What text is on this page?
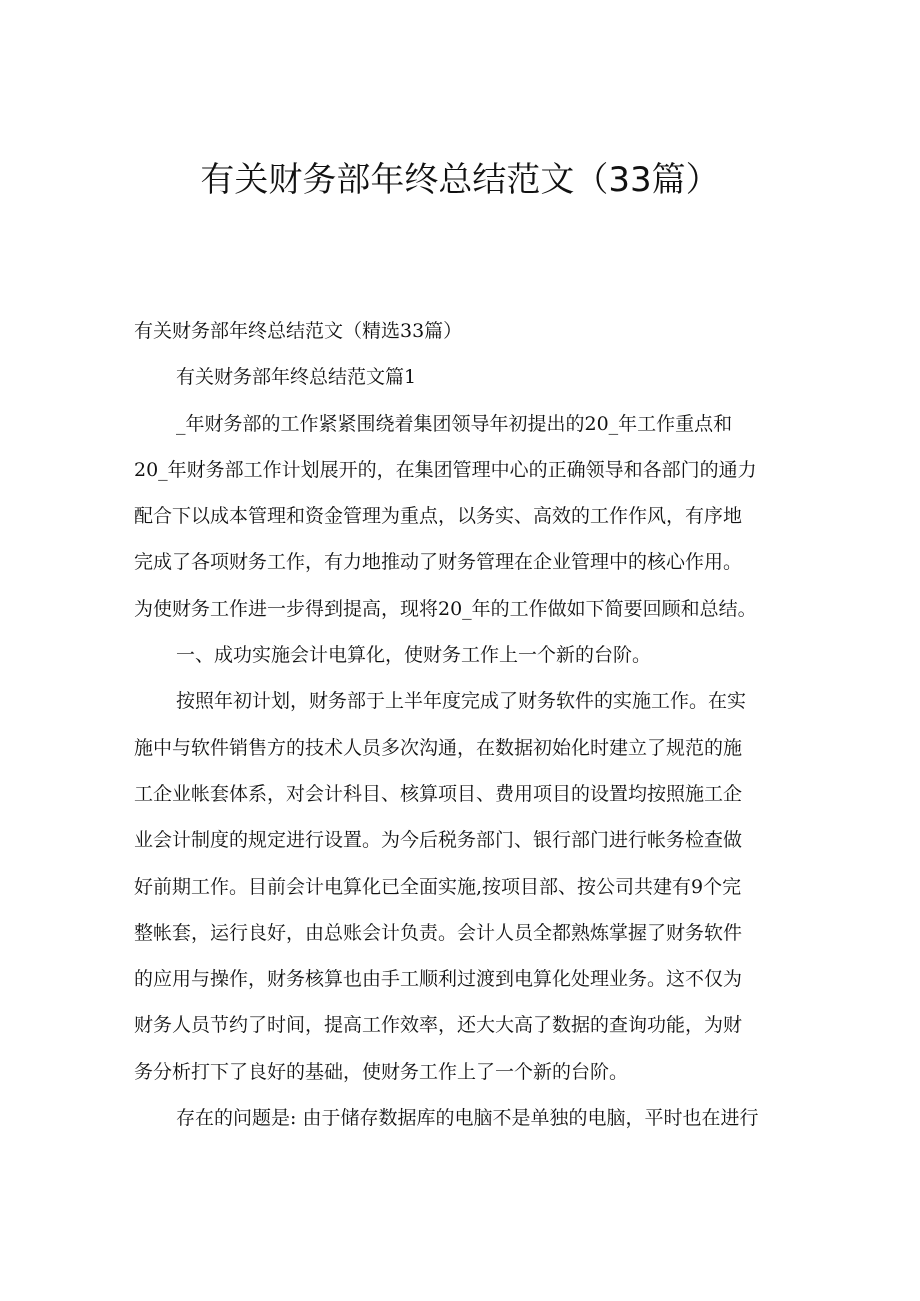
有关财务部年终总结范文（33篇）

有关财务部年终总结范文（精选33篇）

有关财务部年终总结范文篇1

_年财务部的工作紧紧围绕着集团领导年初提出的20_年工作重点和

20_年财务部工作计划展开的，在集团管理中心的正确领导和各部门的通力

配合下以成本管理和资金管理为重点，以务实、高效的工作作风，有序地

完成了各项财务工作，有力地推动了财务管理在企业管理中的核心作用。

为使财务工作进一步得到提高，现将20_年的工作做如下简要回顾和总结。

一、成功实施会计电算化，使财务工作上一个新的台阶。

按照年初计划，财务部于上半年度完成了财务软件的实施工作。在实

施中与软件销售方的技术人员多次沟通，在数据初始化时建立了规范的施

工企业帐套体系，对会计科目、核算项目、费用项目的设置均按照施工企

业会计制度的规定进行设置。为今后税务部门、银行部门进行帐务检查做

好前期工作。目前会计电算化已全面实施,按项目部、按公司共建有9个完

整帐套，运行良好，由总账会计负责。会计人员全都熟炼掌握了财务软件

的应用与操作，财务核算也由手工顺利过渡到电算化处理业务。这不仅为

财务人员节约了时间，提高工作效率，还大大高了数据的查询功能，为财

务分析打下了良好的基础，使财务工作上了一个新的台阶。

存在的问题是: 由于储存数据库的电脑不是单独的电脑，平时也在进行
